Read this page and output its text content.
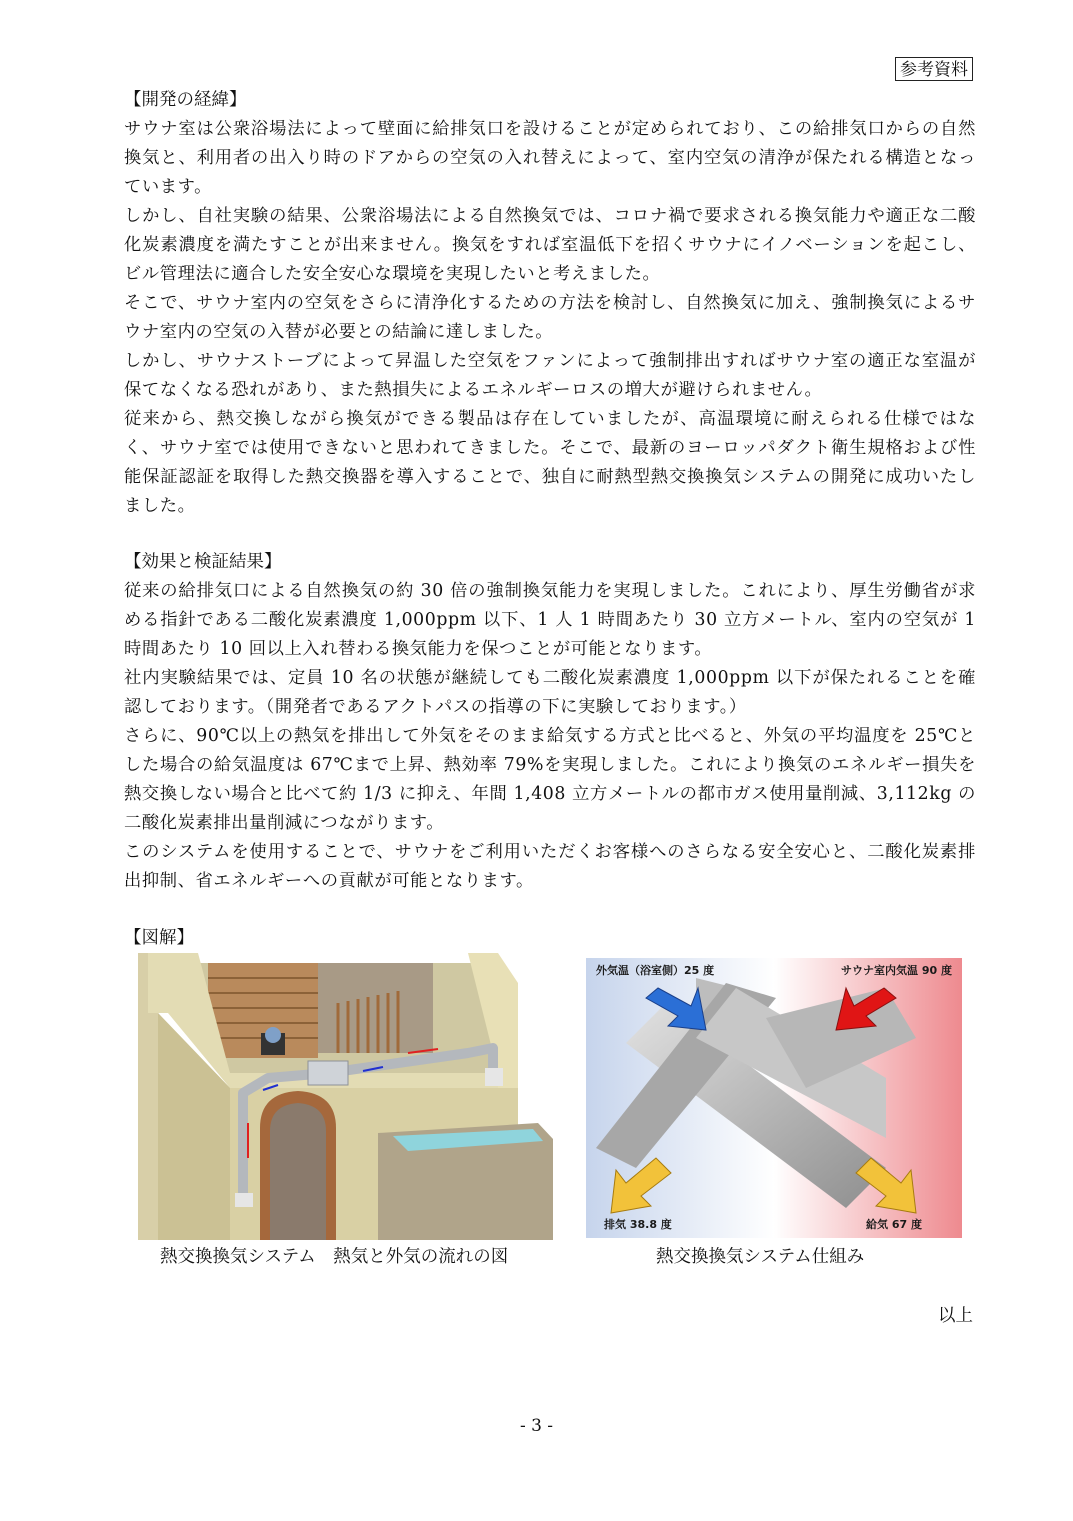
参考資料

【開発の経緯】

サウナ室は公衆浴場法によって壁面に給排気口を設けることが定められており、この給排気口からの自然換気と、利用者の出入り時のドアからの空気の入れ替えによって、室内空気の清浄が保たれる構造となっています。

しかし、自社実験の結果、公衆浴場法による自然換気では、コロナ禍で要求される換気能力や適正な二酸化炭素濃度を満たすことが出来ません。換気をすれば室温低下を招くサウナにイノベーションを起こし、ビル管理法に適合した安全安心な環境を実現したいと考えました。

そこで、サウナ室内の空気をさらに清浄化するための方法を検討し、自然換気に加え、強制換気によるサウナ室内の空気の入替が必要との結論に達しました。

しかし、サウナストーブによって昇温した空気をファンによって強制排出すればサウナ室の適正な室温が保てなくなる恐れがあり、また熱損失によるエネルギーロスの増大が避けられません。

従来から、熱交換しながら換気ができる製品は存在していましたが、高温環境に耐えられる仕様ではなく、サウナ室では使用できないと思われてきました。そこで、最新のヨーロッパダクト衛生規格および性能保証認証を取得した熱交換器を導入することで、独自に耐熱型熱交換換気システムの開発に成功いたしました。

【効果と検証結果】

従来の給排気口による自然換気の約 30 倍の強制換気能力を実現しました。これにより、厚生労働省が求める指針である二酸化炭素濃度 1,000ppm 以下、1 人 1 時間あたり 30 立方メートル、室内の空気が 1 時間あたり 10 回以上入れ替わる換気能力を保つことが可能となります。

社内実験結果では、定員 10 名の状態が継続しても二酸化炭素濃度 1,000ppm 以下が保たれることを確認しております。（開発者であるアクトパスの指導の下に実験しております。）

さらに、90℃以上の熱気を排出して外気をそのまま給気する方式と比べると、外気の平均温度を 25℃とした場合の給気温度は 67℃まで上昇、熱効率 79%を実現しました。これにより換気のエネルギー損失を熱交換しない場合と比べて約 1/3 に抑え、年間 1,408 立方メートルの都市ガス使用量削減、3,112kg の二酸化炭素排出量削減につながります。

このシステムを使用することで、サウナをご利用いただくお客様へのさらなる安全安心と、二酸化炭素排出抑制、省エネルギーへの貢献が可能となります。

【図解】

外気温（浴室側）25 度	サウナ室内気温 90 度
排気 38.8 度	給気 67 度
熱交換換気システム　熱気と外気の流れの図	熱交換換気システム仕組み
以上
- 3 -
